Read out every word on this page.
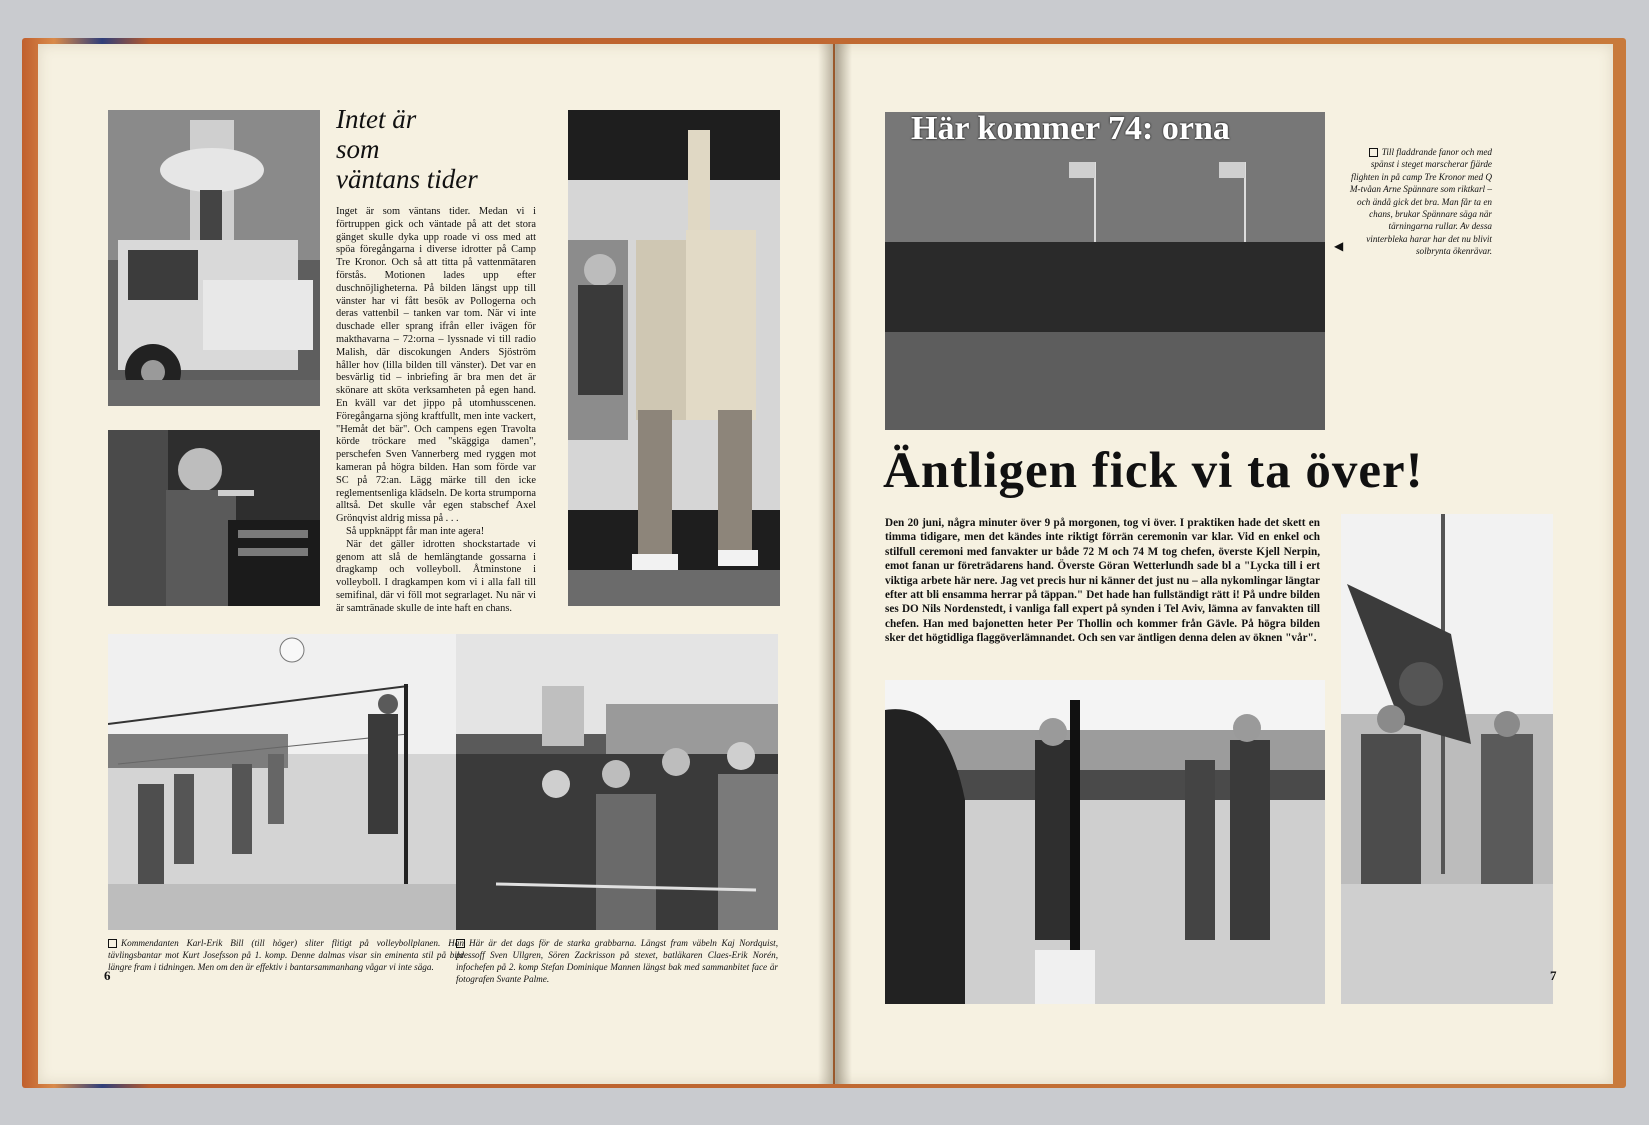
Intet är
som
väntans tider

Inget är som väntans tider. Medan vi i förtruppen gick och väntade på att det stora gänget skulle dyka upp roade vi oss med att spöa föregångarna i diverse idrotter på Camp Tre Kronor. Och så att titta på vattenmätaren förstås. Motionen lades upp efter duschnöjligheterna. På bilden längst upp till vänster har vi fått besök av Pollogerna och deras vattenbil – tanken var tom. När vi inte duschade eller sprang ifrån eller ivägen för makthavarna – 72:orna – lyssnade vi till radio Malish, där discokungen Anders Sjöström håller hov (lilla bilden till vänster). Det var en besvärlig tid – inbriefing är bra men det är skönare att sköta verksamheten på egen hand. En kväll var det jippo på utomhusscenen. Föregångarna sjöng kraftfullt, men inte vackert, "Hemåt det bär". Och campens egen Travolta körde tröckare med "skäggiga damen", perschefen Sven Vannerberg med ryggen mot kameran på högra bilden. Han som förde var SC på 72:an. Lägg märke till den icke reglementsenliga klädseln. De korta strumporna alltså. Det skulle vår egen stabschef Axel Grönqvist aldrig missa på . . .

Så uppknäppt får man inte agera!

När det gäller idrotten shockstartade vi genom att slå de hemlängtande gossarna i dragkamp och volleyboll. Åtminstone i volleyboll. I dragkampen kom vi i alla fall till semifinal, där vi föll mot segrarlaget. Nu när vi är samtränade skulle de inte haft en chans.

Kommendanten Karl-Erik Bill (till höger) sliter flitigt på volleybollplanen. Han tävlingsbantar mot Kurt Josefsson på 1. komp. Denne dalmas visar sin eminenta stil på bild längre fram i tidningen. Men om den är effektiv i bantarsammanhang vågar vi inte säga.
Här är det dags för de starka grabbarna. Längst fram väbeln Kaj Nordquist, pressoff Sven Ullgren, Sören Zackrisson på stexet, batläkaren Claes-Erik Norén, infochefen på 2. komp Stefan Dominique Mannen längst bak med sammanbitet face är fotografen Svante Palme.
6
Här kommer 74: orna
◀
Till fladdrande fanor och med spänst i steget marscherar fjärde flighten in på camp Tre Kronor med Q M-tvåan Arne Spännare som riktkarl – och ändå gick det bra. Man får ta en chans, brukar Spännare säga när tärningarna rullar. Av dessa vinterbleka harar har det nu blivit solbrynta ökenrävar.
Äntligen fick vi ta över!
Den 20 juni, några minuter över 9 på morgonen, tog vi över. I praktiken hade det skett en timma tidigare, men det kändes inte riktigt förrän ceremonin var klar. Vid en enkel och stilfull ceremoni med fanvakter ur både 72 M och 74 M tog chefen, överste Kjell Nerpin, emot fanan ur företrädarens hand. Överste Göran Wetterlundh sade bl a "Lycka till i ert viktiga arbete här nere. Jag vet precis hur ni känner det just nu – alla nykomlingar längtar efter att bli ensamma herrar på täppan." Det hade han fullständigt rätt i! På undre bilden ses DO Nils Nordenstedt, i vanliga fall expert på synden i Tel Aviv, lämna av fanvakten till chefen. Han med bajonetten heter Per Thollin och kommer från Gävle. På högra bilden sker det högtidliga flaggöverlämnandet. Och sen var äntligen denna delen av öknen "vår".
7
